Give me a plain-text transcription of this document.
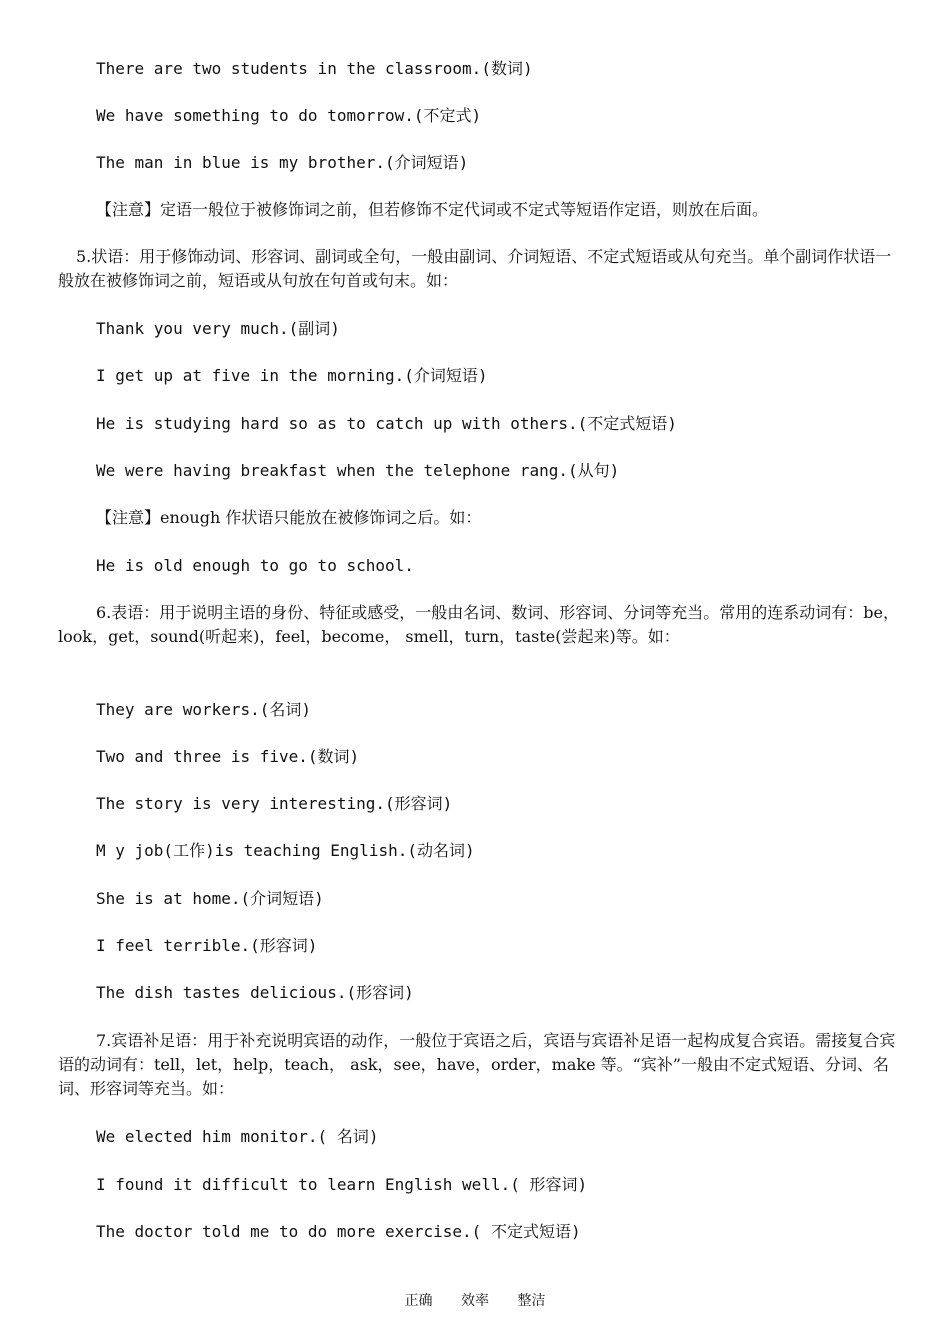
There are two students in the classroom.(数词)
We have something to do tomorrow.(不定式)
The man in blue is my brother.(介词短语)
【注意】定语一般位于被修饰词之前，但若修饰不定代词或不定式等短语作定语，则放在后面。
5.状语：用于修饰动词、形容词、副词或全句，一般由副词、介词短语、不定式短语或从句充当。单个副词作状语一般放在被修饰词之前，短语或从句放在句首或句末。如：
Thank you very much.(副词)
I get up at five in the morning.(介词短语)
He is studying hard so as to catch up with others.(不定式短语)
We were having breakfast when the telephone rang.(从句)
【注意】enough 作状语只能放在被修饰词之后。如：
He is old enough to go to school.
6.表语：用于说明主语的身份、特征或感受，一般由名词、数词、形容词、分词等充当。常用的连系动词有：be，look，get，sound(听起来)，feel，become， smell，turn，taste(尝起来)等。如：
They are workers.(名词)
Two and three is five.(数词)
The story is very interesting.(形容词)
M y job(工作)is teaching English.(动名词)
She is at home.(介词短语)
I feel terrible.(形容词)
The dish tastes delicious.(形容词)
7.宾语补足语：用于补充说明宾语的动作，一般位于宾语之后，宾语与宾语补足语一起构成复合宾语。需接复合宾语的动词有：tell，let，help，teach， ask，see，have，order，make 等。“宾补”一般由不定式短语、分词、名词、形容词等充当。如：
We elected him monitor.( 名词)
I found it difficult to learn English well.( 形容词)
The doctor told me to do more exercise.( 不定式短语)
正确 效率 整洁
